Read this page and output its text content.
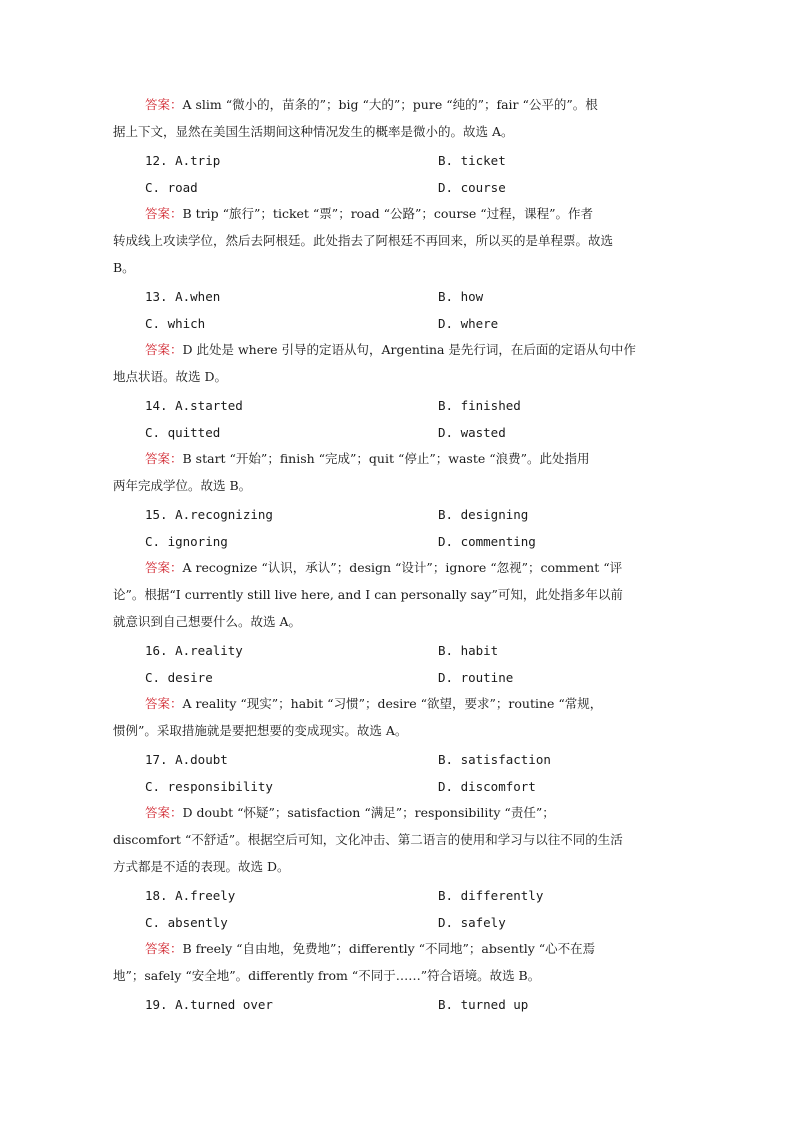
答案：A slim “微小的，苗条的”；big “大的”；pure “纯的”；fair “公平的”。根
据上下文，显然在美国生活期间这种情况发生的概率是微小的。故选 A。
12. A.trip	B. ticket
C. road	D. course
答案：B trip “旅行”；ticket “票”；road “公路”；course “过程，课程”。作者
转成线上攻读学位，然后去阿根廷。此处指去了阿根廷不再回来，所以买的是单程票。故选
B。
13. A.when	B. how
C. which	D. where
答案：D 此处是 where 引导的定语从句，Argentina 是先行词，在后面的定语从句中作
地点状语。故选 D。
14. A.started	B. finished
C. quitted	D. wasted
答案：B start “开始”；finish “完成”；quit “停止”；waste “浪费”。此处指用
两年完成学位。故选 B。
15. A.recognizing	B. designing
C. ignoring	D. commenting
答案：A recognize “认识，承认”；design “设计”；ignore “忽视”；comment “评
论”。根据“I currently still live here, and I can personally say”可知，此处指多年以前
就意识到自己想要什么。故选 A。
16. A.reality	B. habit
C. desire	D. routine
答案：A reality “现实”；habit “习惯”；desire “欲望，要求”；routine “常规，
惯例”。采取措施就是要把想要的变成现实。故选 A。
17. A.doubt	B. satisfaction
C. responsibility	D. discomfort
答案：D doubt “怀疑”；satisfaction “满足”；responsibility “责任”；
discomfort “不舒适”。根据空后可知，文化冲击、第二语言的使用和学习与以往不同的生活
方式都是不适的表现。故选 D。
18. A.freely	B. differently
C. absently	D. safely
答案：B freely “自由地，免费地”；differently “不同地”；absently “心不在焉
地”；safely “安全地”。differently from “不同于……”符合语境。故选 B。
19. A.turned over	B. turned up
